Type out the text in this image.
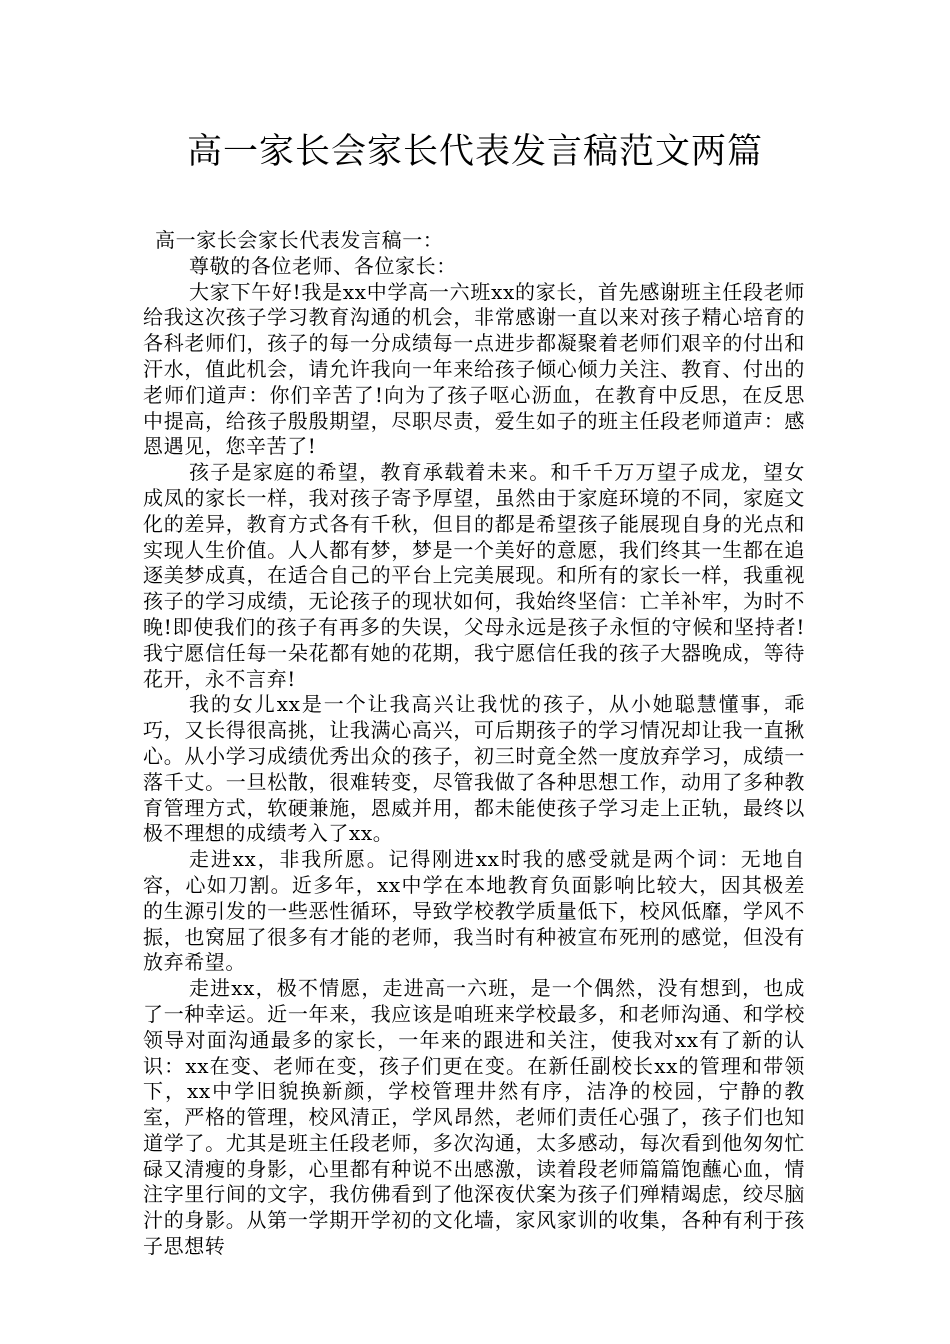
高一家长会家长代表发言稿范文两篇

高一家长会家长代表发言稿一：

尊敬的各位老师、各位家长：

大家下午好!我是xx中学高一六班xx的家长，首先感谢班主任段老师给我这次孩子学习教育沟通的机会，非常感谢一直以来对孩子精心培育的各科老师们，孩子的每一分成绩每一点进步都凝聚着老师们艰辛的付出和汗水，值此机会，请允许我向一年来给孩子倾心倾力关注、教育、付出的老师们道声：你们辛苦了!向为了孩子呕心沥血，在教育中反思，在反思中提高，给孩子殷殷期望，尽职尽责，爱生如子的班主任段老师道声：感恩遇见，您辛苦了!

孩子是家庭的希望，教育承载着未来。和千千万万望子成龙，望女成凤的家长一样，我对孩子寄予厚望，虽然由于家庭环境的不同，家庭文化的差异，教育方式各有千秋，但目的都是希望孩子能展现自身的光点和实现人生价值。人人都有梦，梦是一个美好的意愿，我们终其一生都在追逐美梦成真，在适合自己的平台上完美展现。和所有的家长一样，我重视孩子的学习成绩，无论孩子的现状如何，我始终坚信：亡羊补牢，为时不晚!即使我们的孩子有再多的失误，父母永远是孩子永恒的守候和坚持者!我宁愿信任每一朵花都有她的花期，我宁愿信任我的孩子大器晚成，等待花开，永不言弃!

我的女儿xx是一个让我高兴让我忧的孩子，从小她聪慧懂事，乖巧，又长得很高挑，让我满心高兴，可后期孩子的学习情况却让我一直揪心。从小学习成绩优秀出众的孩子，初三时竟全然一度放弃学习，成绩一落千丈。一旦松散，很难转变，尽管我做了各种思想工作，动用了多种教育管理方式，软硬兼施，恩威并用，都未能使孩子学习走上正轨，最终以极不理想的成绩考入了xx。

走进xx，非我所愿。记得刚进xx时我的感受就是两个词：无地自容，心如刀割。近多年，xx中学在本地教育负面影响比较大，因其极差的生源引发的一些恶性循环，导致学校教学质量低下，校风低靡，学风不振，也窝屈了很多有才能的老师，我当时有种被宣布死刑的感觉，但没有放弃希望。

走进xx，极不情愿，走进高一六班，是一个偶然，没有想到，也成了一种幸运。近一年来，我应该是咱班来学校最多，和老师沟通、和学校领导对面沟通最多的家长，一年来的跟进和关注，使我对xx有了新的认识：xx在变、老师在变，孩子们更在变。在新任副校长xx的管理和带领下，xx中学旧貌换新颜，学校管理井然有序，洁净的校园，宁静的教室，严格的管理，校风清正，学风昂然，老师们责任心强了，孩子们也知道学了。尤其是班主任段老师，多次沟通，太多感动，每次看到他匆匆忙碌又清瘦的身影，心里都有种说不出感激，读着段老师篇篇饱蘸心血，情注字里行间的文字，我仿佛看到了他深夜伏案为孩子们殚精竭虑，绞尽脑汁的身影。从第一学期开学初的文化墙，家风家训的收集，各种有利于孩子思想转
